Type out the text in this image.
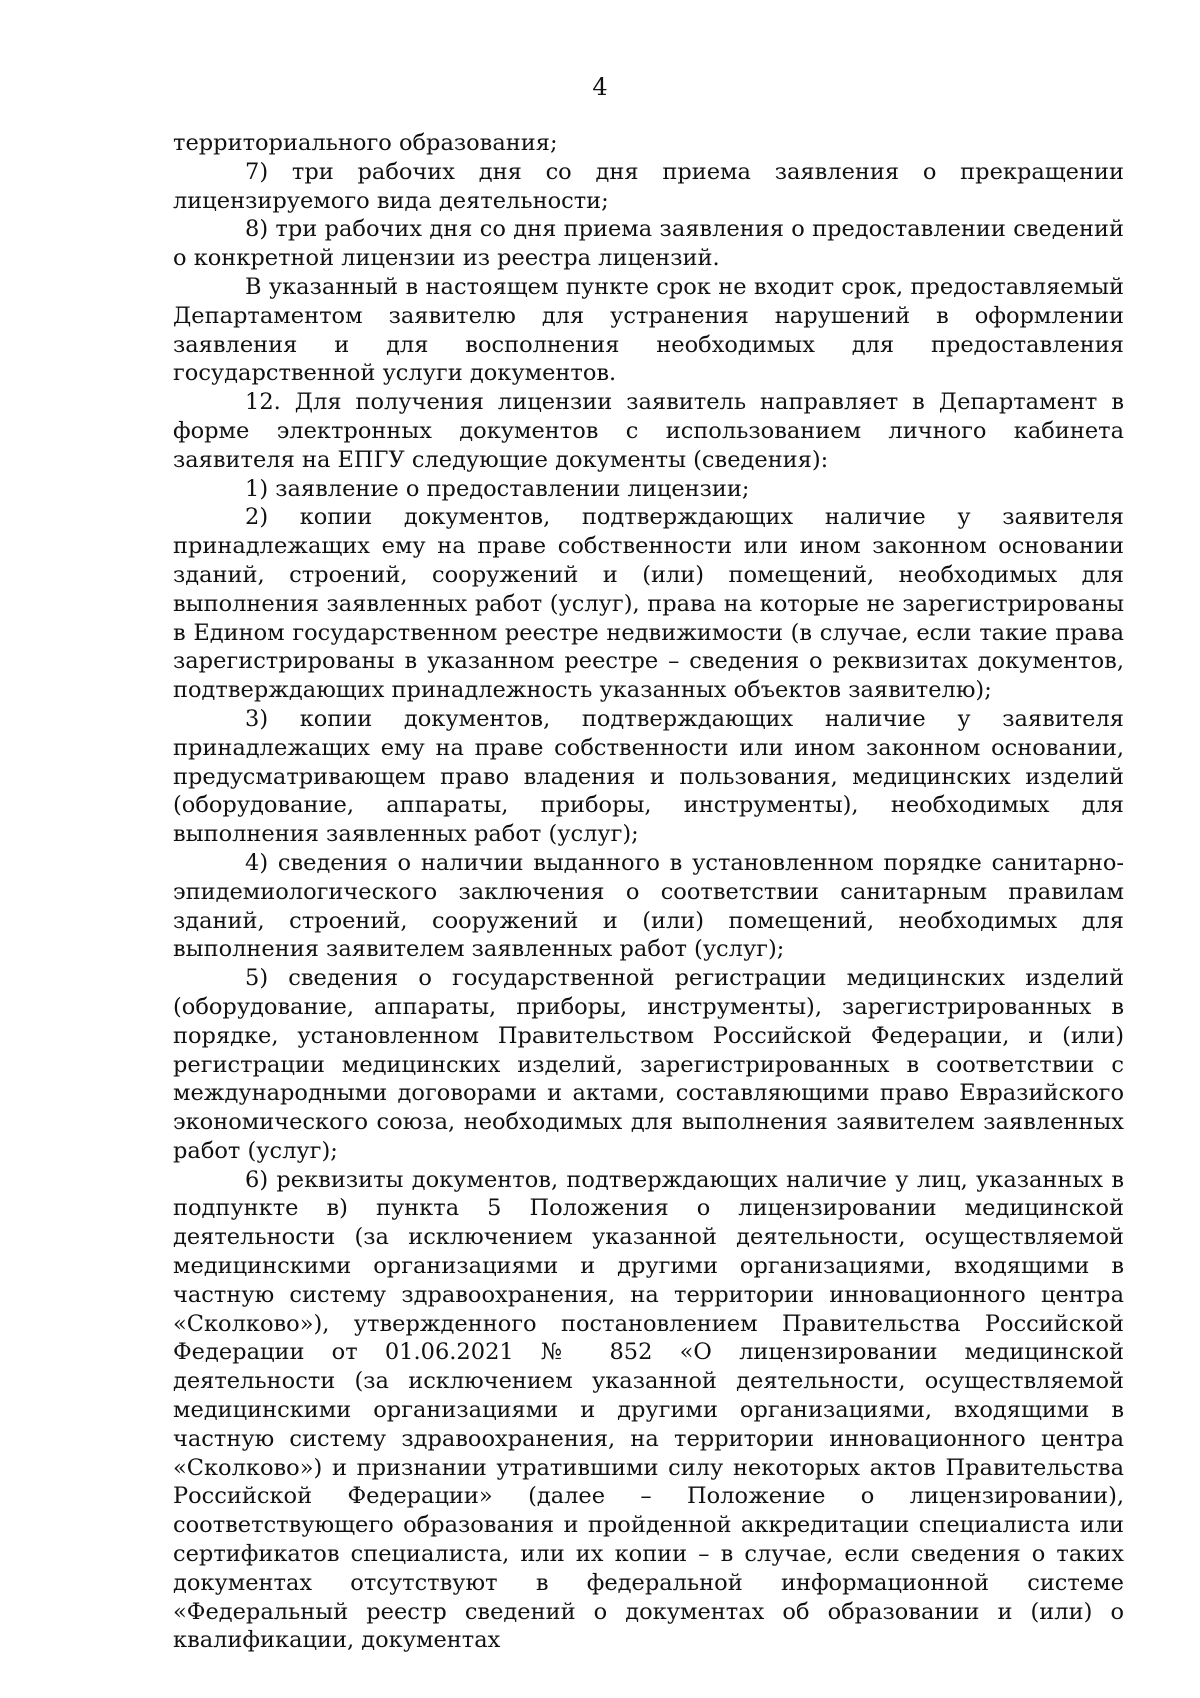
4

территориального образования;

7) три рабочих дня со дня приема заявления о прекращении лицензируемого вида деятельности;

8) три рабочих дня со дня приема заявления о предоставлении сведений о конкретной лицензии из реестра лицензий.

В указанный в настоящем пункте срок не входит срок, предоставляемый Департаментом заявителю для устранения нарушений в оформлении заявления и для восполнения необходимых для предоставления государственной услуги документов.

12. Для получения лицензии заявитель направляет в Департамент в форме электронных документов с использованием личного кабинета заявителя на ЕПГУ следующие документы (сведения):

1) заявление о предоставлении лицензии;

2) копии документов, подтверждающих наличие у заявителя принадлежащих ему на праве собственности или ином законном основании зданий, строений, сооружений и (или) помещений, необходимых для выполнения заявленных работ (услуг), права на которые не зарегистрированы в Едином государственном реестре недвижимости (в случае, если такие права зарегистрированы в указанном реестре – сведения о реквизитах документов, подтверждающих принадлежность указанных объектов заявителю);

3) копии документов, подтверждающих наличие у заявителя принадлежащих ему на праве собственности или ином законном основании, предусматривающем право владения и пользования, медицинских изделий (оборудование, аппараты, приборы, инструменты), необходимых для выполнения заявленных работ (услуг);

4) сведения о наличии выданного в установленном порядке санитарно-эпидемиологического заключения о соответствии санитарным правилам зданий, строений, сооружений и (или) помещений, необходимых для выполнения заявителем заявленных работ (услуг);

5) сведения о государственной регистрации медицинских изделий (оборудование, аппараты, приборы, инструменты), зарегистрированных в порядке, установленном Правительством Российской Федерации, и (или) регистрации медицинских изделий, зарегистрированных в соответствии с международными договорами и актами, составляющими право Евразийского экономического союза, необходимых для выполнения заявителем заявленных работ (услуг);

6) реквизиты документов, подтверждающих наличие у лиц, указанных в подпункте в) пункта 5 Положения о лицензировании медицинской деятельности (за исключением указанной деятельности, осуществляемой медицинскими организациями и другими организациями, входящими в частную систему здравоохранения, на территории инновационного центра «Сколково»), утвержденного постановлением Правительства Российской Федерации от 01.06.2021 № 852 «О лицензировании медицинской деятельности (за исключением указанной деятельности, осуществляемой медицинскими организациями и другими организациями, входящими в частную систему здравоохранения, на территории инновационного центра «Сколково») и признании утратившими силу некоторых актов Правительства Российской Федерации» (далее – Положение о лицензировании), соответствующего образования и пройденной аккредитации специалиста или сертификатов специалиста, или их копии – в случае, если сведения о таких документах отсутствуют в федеральной информационной системе «Федеральный реестр сведений о документах об образовании и (или) о квалификации, документах
